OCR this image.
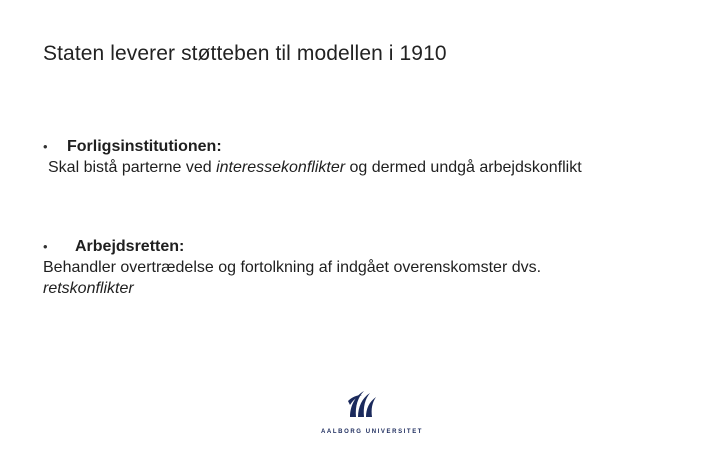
Staten leverer støtteben til modellen i 1910
•	Forligsinstitutionen:
Skal bistå parterne ved interessekonflikter og dermed undgå arbejdskonflikt
•	Arbejdsretten:
Behandler overtrædelse og fortolkning af indgået overenskomster dvs.
retskonflikter
AALBORG UNIVERSITET
